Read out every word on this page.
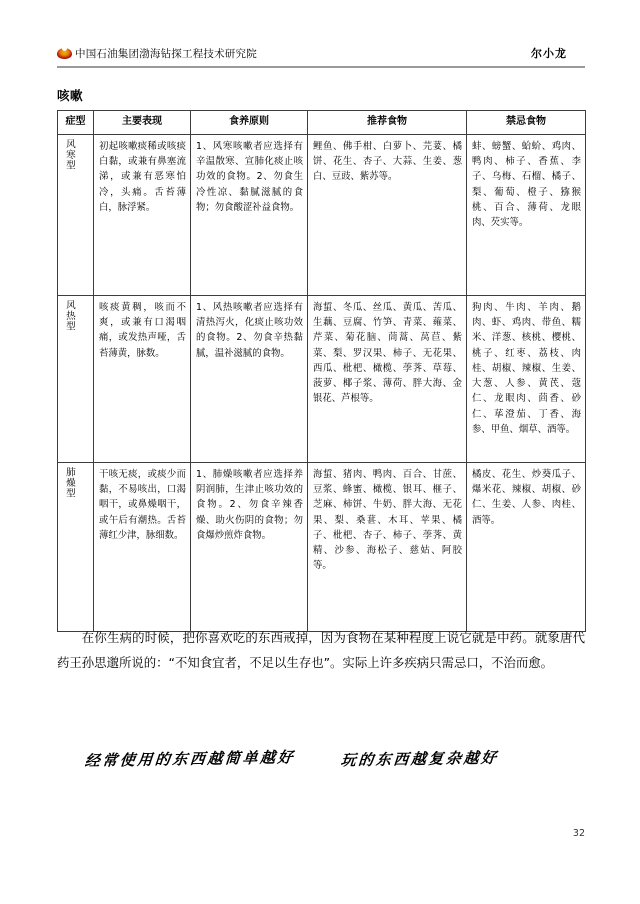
中国石油集团渤海钻探工程技术研究院	尔小龙
咳嗽
症型	主要表现	食养原则	推荐食物	禁忌食物
风寒型	初起咳嗽痰稀或咳痰白黏，或兼有鼻塞流涕，或兼有恶寒怕冷，头痛。舌苔薄白，脉浮紧。	1、风寒咳嗽者应选择有辛温散寒、宣肺化痰止咳功效的食物。2、勿食生冷性凉、黏腻滋腻的食物；勿食酸涩补益食物。	鲤鱼、佛手柑、白萝卜、芫荽、橘饼、花生、杏子、大蒜、生姜、葱白、豆豉、紫苏等。	蚌、螃蟹、蛤蚧、鸡肉、鸭肉、柿子、香蕉、李子、乌梅、石榴、橘子、梨、葡萄、橙子、猕猴桃、百合、薄荷、龙眼肉、芡实等。
风热型	咳痰黄稠，咳而不爽，或兼有口渴咽痛，或发热声哑，舌苔薄黄，脉数。	1、风热咳嗽者应选择有清热泻火，化痰止咳功效的食物。2、勿食辛热黏腻，温补滋腻的食物。	海蜇、冬瓜、丝瓜、黄瓜、苦瓜、生藕、豆腐、竹笋、青菜、蕹菜、芹菜、菊花脑、茼蒿、莴苣、紫菜、梨、罗汉果、柿子、无花果、西瓜、枇杷、橄榄、荸荠、草莓、菠萝、椰子浆、薄荷、胖大海、金银花、芦根等。	狗肉、牛肉、羊肉、鹅肉、虾、鸡肉、带鱼、糯米、洋葱、核桃、樱桃、桃子、红枣、荔枝、肉桂、胡椒、辣椒、生姜、大葱、人参、黄芪、蔻仁、龙眼肉、茴香、砂仁、荜澄茄、丁香、海参、甲鱼、烟草、酒等。
肺燥型	干咳无痰，或痰少而黏，不易咳出，口渴咽干，或鼻燥咽干，或午后有潮热。舌苔薄红少津，脉细数。	1、肺燥咳嗽者应选择养阴润肺，生津止咳功效的食物。2、勿食辛辣香燥、助火伤阴的食物；勿食爆炒煎炸食物。	海蜇、猪肉、鸭肉、百合、甘蔗、豆浆、蜂蜜、橄榄、银耳、榧子、芝麻、柿饼、牛奶、胖大海、无花果、梨、桑葚、木耳、苹果、橘子、枇杷、杏子、柿子、荸荠、黄精、沙参、海松子、慈姑、阿胶等。	橘皮、花生、炒葵瓜子、爆米花、辣椒、胡椒、砂仁、生姜、人参、肉桂、酒等。
在你生病的时候，把你喜欢吃的东西戒掉，因为食物在某种程度上说它就是中药。就象唐代药王孙思邈所说的：“不知食宜者，不足以生存也”。实际上许多疾病只需忌口，不治而愈。
经常使用的东西越简单越好	玩的东西越复杂越好
32
